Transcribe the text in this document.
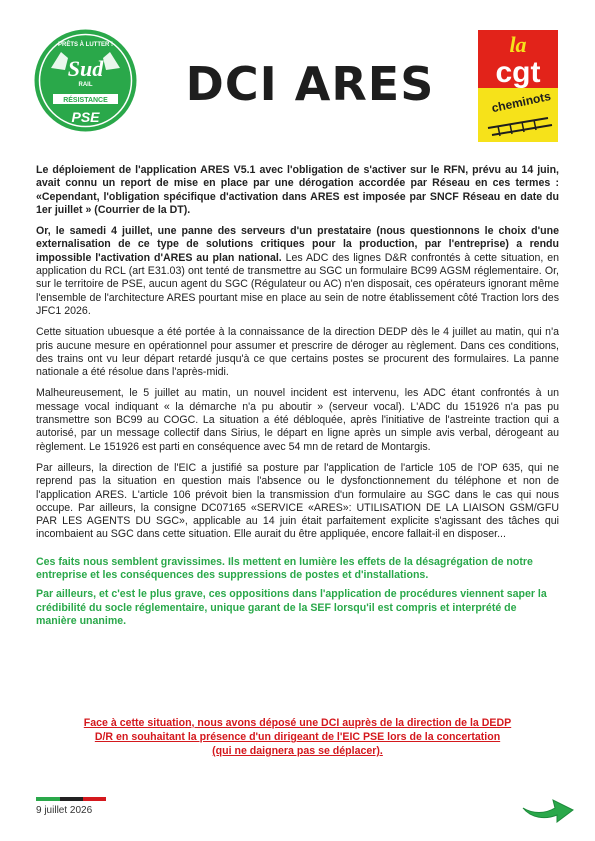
PRÊTS À LUTTER !
Sud
RAIL
RÉSISTANCE
PSE
DCI ARES
la
cgt
cheminots

Le déploiement de l'application ARES V5.1 avec l'obligation de s'activer sur le RFN, prévu au 14 juin, avait connu un report de mise en place par une dérogation accordée par Réseau en ces termes : «Cependant, l'obligation spécifique d'activation dans ARES est imposée par SNCF Réseau en date du 1er juillet » (Courrier de la DT).

Or, le samedi 4 juillet, une panne des serveurs d'un prestataire (nous questionnons le choix d'une externalisation de ce type de solutions critiques pour la production, par l'entreprise) a rendu impossible l'activation d'ARES au plan national. Les ADC des lignes D&R confrontés à cette situation, en application du RCL (art E31.03) ont tenté de transmettre au SGC un formulaire BC99 AGSM réglementaire. Or, sur le territoire de PSE, aucun agent du SGC (Régulateur ou AC) n'en disposait, ces opérateurs ignorant même l'ensemble de l'architecture ARES pourtant mise en place au sein de notre établissement côté Traction lors des JFC1 2026.

Cette situation ubuesque a été portée à la connaissance de la direction DEDP dès le 4 juillet au matin, qui n'a pris aucune mesure en opérationnel pour assumer et prescrire de déroger au règlement. Dans ces conditions, des trains ont vu leur départ retardé jusqu'à ce que certains postes se procurent des formulaires. La panne nationale a été résolue dans l'après-midi.

Malheureusement, le 5 juillet au matin, un nouvel incident est intervenu, les ADC étant confrontés à un message vocal indiquant « la démarche n'a pu aboutir » (serveur vocal). L'ADC du 151926 n'a pas pu transmettre son BC99 au COGC. La situation a été débloquée, après l'initiative de l'astreinte traction qui a autorisé, par un message collectif dans Sirius, le départ en ligne après un simple avis verbal, dérogeant au règlement. Le 151926 est parti en conséquence avec 54 mn de retard de Montargis.

Par ailleurs, la direction de l'EIC a justifié sa posture par l'application de l'article 105 de l'OP 635, qui ne reprend pas la situation en question mais l'absence ou le dysfonctionnement du téléphone et non de l'application ARES. L'article 106 prévoit bien la transmission d'un formulaire au SGC dans le cas qui nous occupe. Par ailleurs, la consigne DC07165 «SERVICE «ARES»: UTILISATION DE LA LIAISON GSM/GFU PAR LES AGENTS DU SGC», applicable au 14 juin était parfaitement explicite s'agissant des tâches qui incombaient au SGC dans cette situation. Elle aurait du être appliquée, encore fallait-il en disposer...

Ces faits nous semblent gravissimes. Ils mettent en lumière les effets de la désagrégation de notre entreprise et les conséquences des suppressions de postes et d'installations.

Par ailleurs, et c'est le plus grave, ces oppositions dans l'application de procédures viennent saper la crédibilité du socle réglementaire, unique garant de la SEF lorsqu'il est compris et interprété de manière unanime.

Face à cette situation, nous avons déposé une DCI auprès de la direction de la DEDP
D/R en souhaitant la présence d'un dirigeant de l'EIC PSE lors de la concertation
(qui ne daignera pas se déplacer).
9 juillet 2026
